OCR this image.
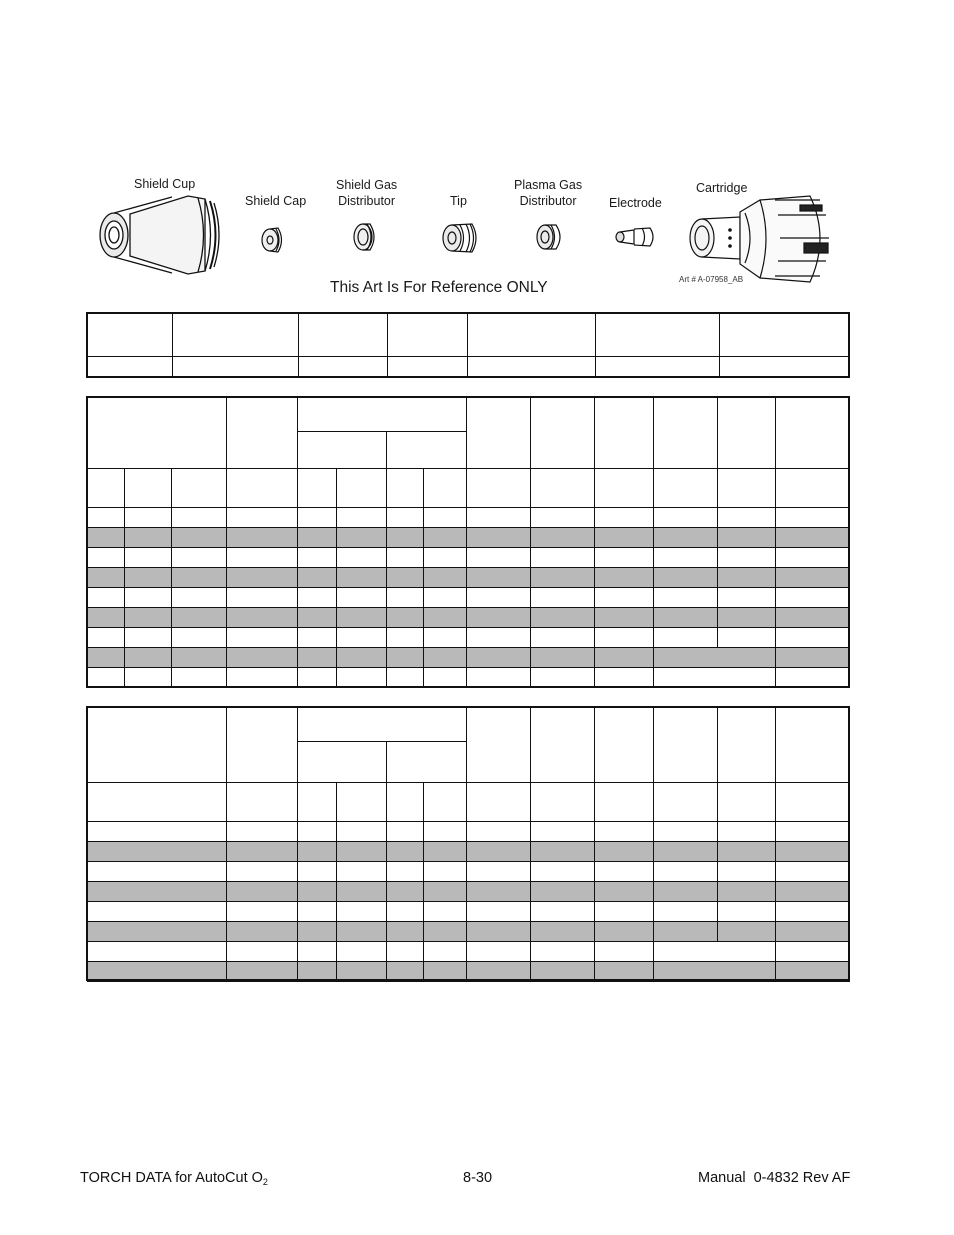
Shield Cup
Shield Cap
Shield Gas
Distributor	Tip
Plasma Gas
Distributor	Electrode
Cartridge
This Art Is For Reference ONLY	Art # A-07958_AB

TORCH DATA for AutoCut $O_2$	8-30	Manual  0-4832 Rev AF
